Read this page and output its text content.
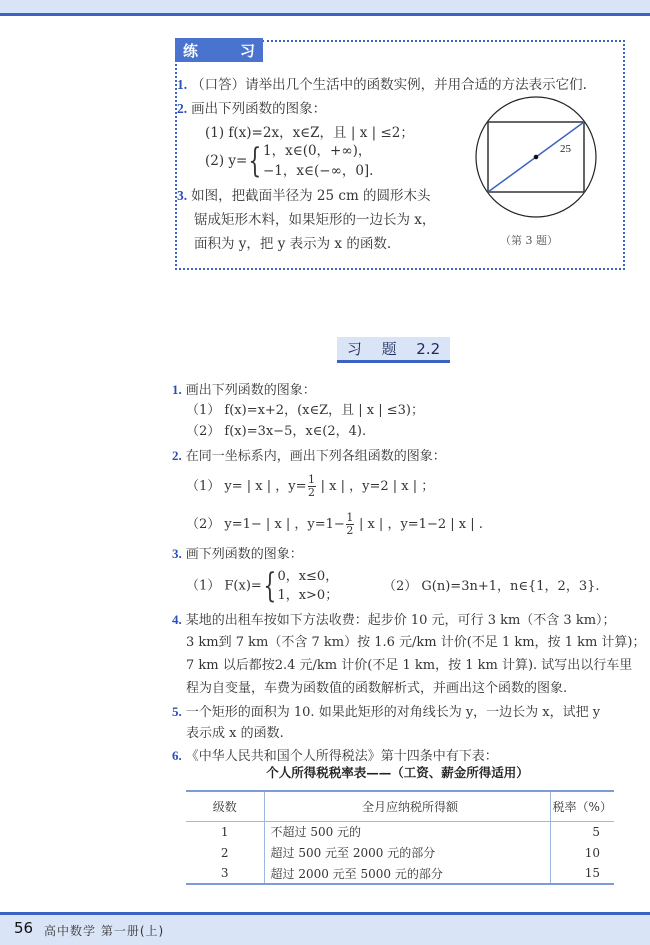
练	习
1. （口答）请举出几个生活中的函数实例，并用合适的方法表示它们.
2. 画出下列函数的图象：
(1) f(x)=2x，x∈Z，且 | x | ≤2；
(2) y={1，x∈(0，+∞)，
−1，x∈(−∞，0].
3. 如图，把截面半径为 25 cm 的圆形木头
锯成矩形木料，如果矩形的一边长为 x，
面积为 y，把 y 表示为 x 的函数.
25
（第 3 题）
习 题 2.2
1. 画出下列函数的图象：
（1） f(x)=x+2，(x∈Z，且 | x | ≤3)；
（2） f(x)=3x−5，x∈(2，4).
2. 在同一坐标系内，画出下列各组函数的图象：
（1） y= | x | ，$y= \frac{1}{2}$ | x | ，y=2 | x | ；
（2） y=1− | x | ，$y=1- \frac{1}{2}$ | x | ，y=1−2 | x | .
3. 画下列函数的图象：
（1） F(x)={0，x≤0，
1，x>0；
（2） G(n)=3n+1，n∈{1，2，3}.
4. 某地的出租车按如下方法收费：起步价 10 元，可行 3 km（不含 3 km）；
3 km到 7 km（不含 7 km）按 1.6 元/km 计价(不足 1 km，按 1 km 计算)；
7 km 以后都按2.4 元/km 计价(不足 1 km，按 1 km 计算). 试写出以行车里
程为自变量，车费为函数值的函数解析式，并画出这个函数的图象.
5. 一个矩形的面积为 10. 如果此矩形的对角线长为 y，一边长为 x，试把 y
表示成 x 的函数.
6. 《中华人民共和国个人所得税法》第十四条中有下表：
个人所得税税率表——（工资、薪金所得适用）
级数	全月应纳税所得额	税率（%）
1	不超过 500 元的	5
2	超过 500 元至 2000 元的部分	10
3	超过 2000 元至 5000 元的部分	15
56 高中数学 第一册(上)
